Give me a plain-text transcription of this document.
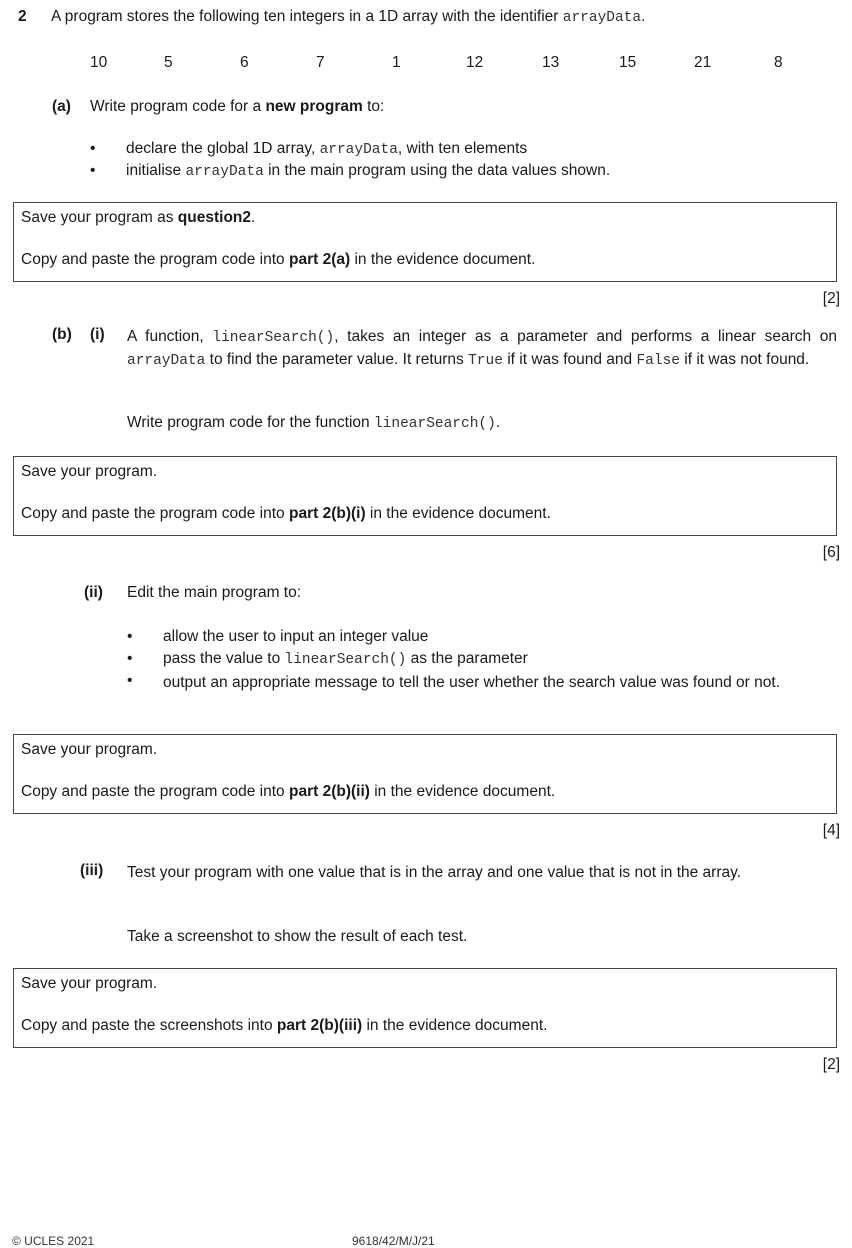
2 A program stores the following ten integers in a 1D array with the identifier arrayData.
10	5	6	7	1	12	13	15	21	8
(a) Write program code for a new program to:
• declare the global 1D array, arrayData, with ten elements
• initialise arrayData in the main program using the data values shown.
Save your program as question2.
Copy and paste the program code into part 2(a) in the evidence document.
[2]
(b) (i) A function, linearSearch(), takes an integer as a parameter and performs a linear search on arrayData to find the parameter value. It returns True if it was found and False if it was not found.
Write program code for the function linearSearch().
Save your program.
Copy and paste the program code into part 2(b)(i) in the evidence document.
[6]
(ii) Edit the main program to:
• allow the user to input an integer value
• pass the value to linearSearch() as the parameter
• output an appropriate message to tell the user whether the search value was found or not.
Save your program.
Copy and paste the program code into part 2(b)(ii) in the evidence document.
[4]
(iii) Test your program with one value that is in the array and one value that is not in the array.
Take a screenshot to show the result of each test.
Save your program.
Copy and paste the screenshots into part 2(b)(iii) in the evidence document.
[2]
© UCLES 2021	9618/42/M/J/21
